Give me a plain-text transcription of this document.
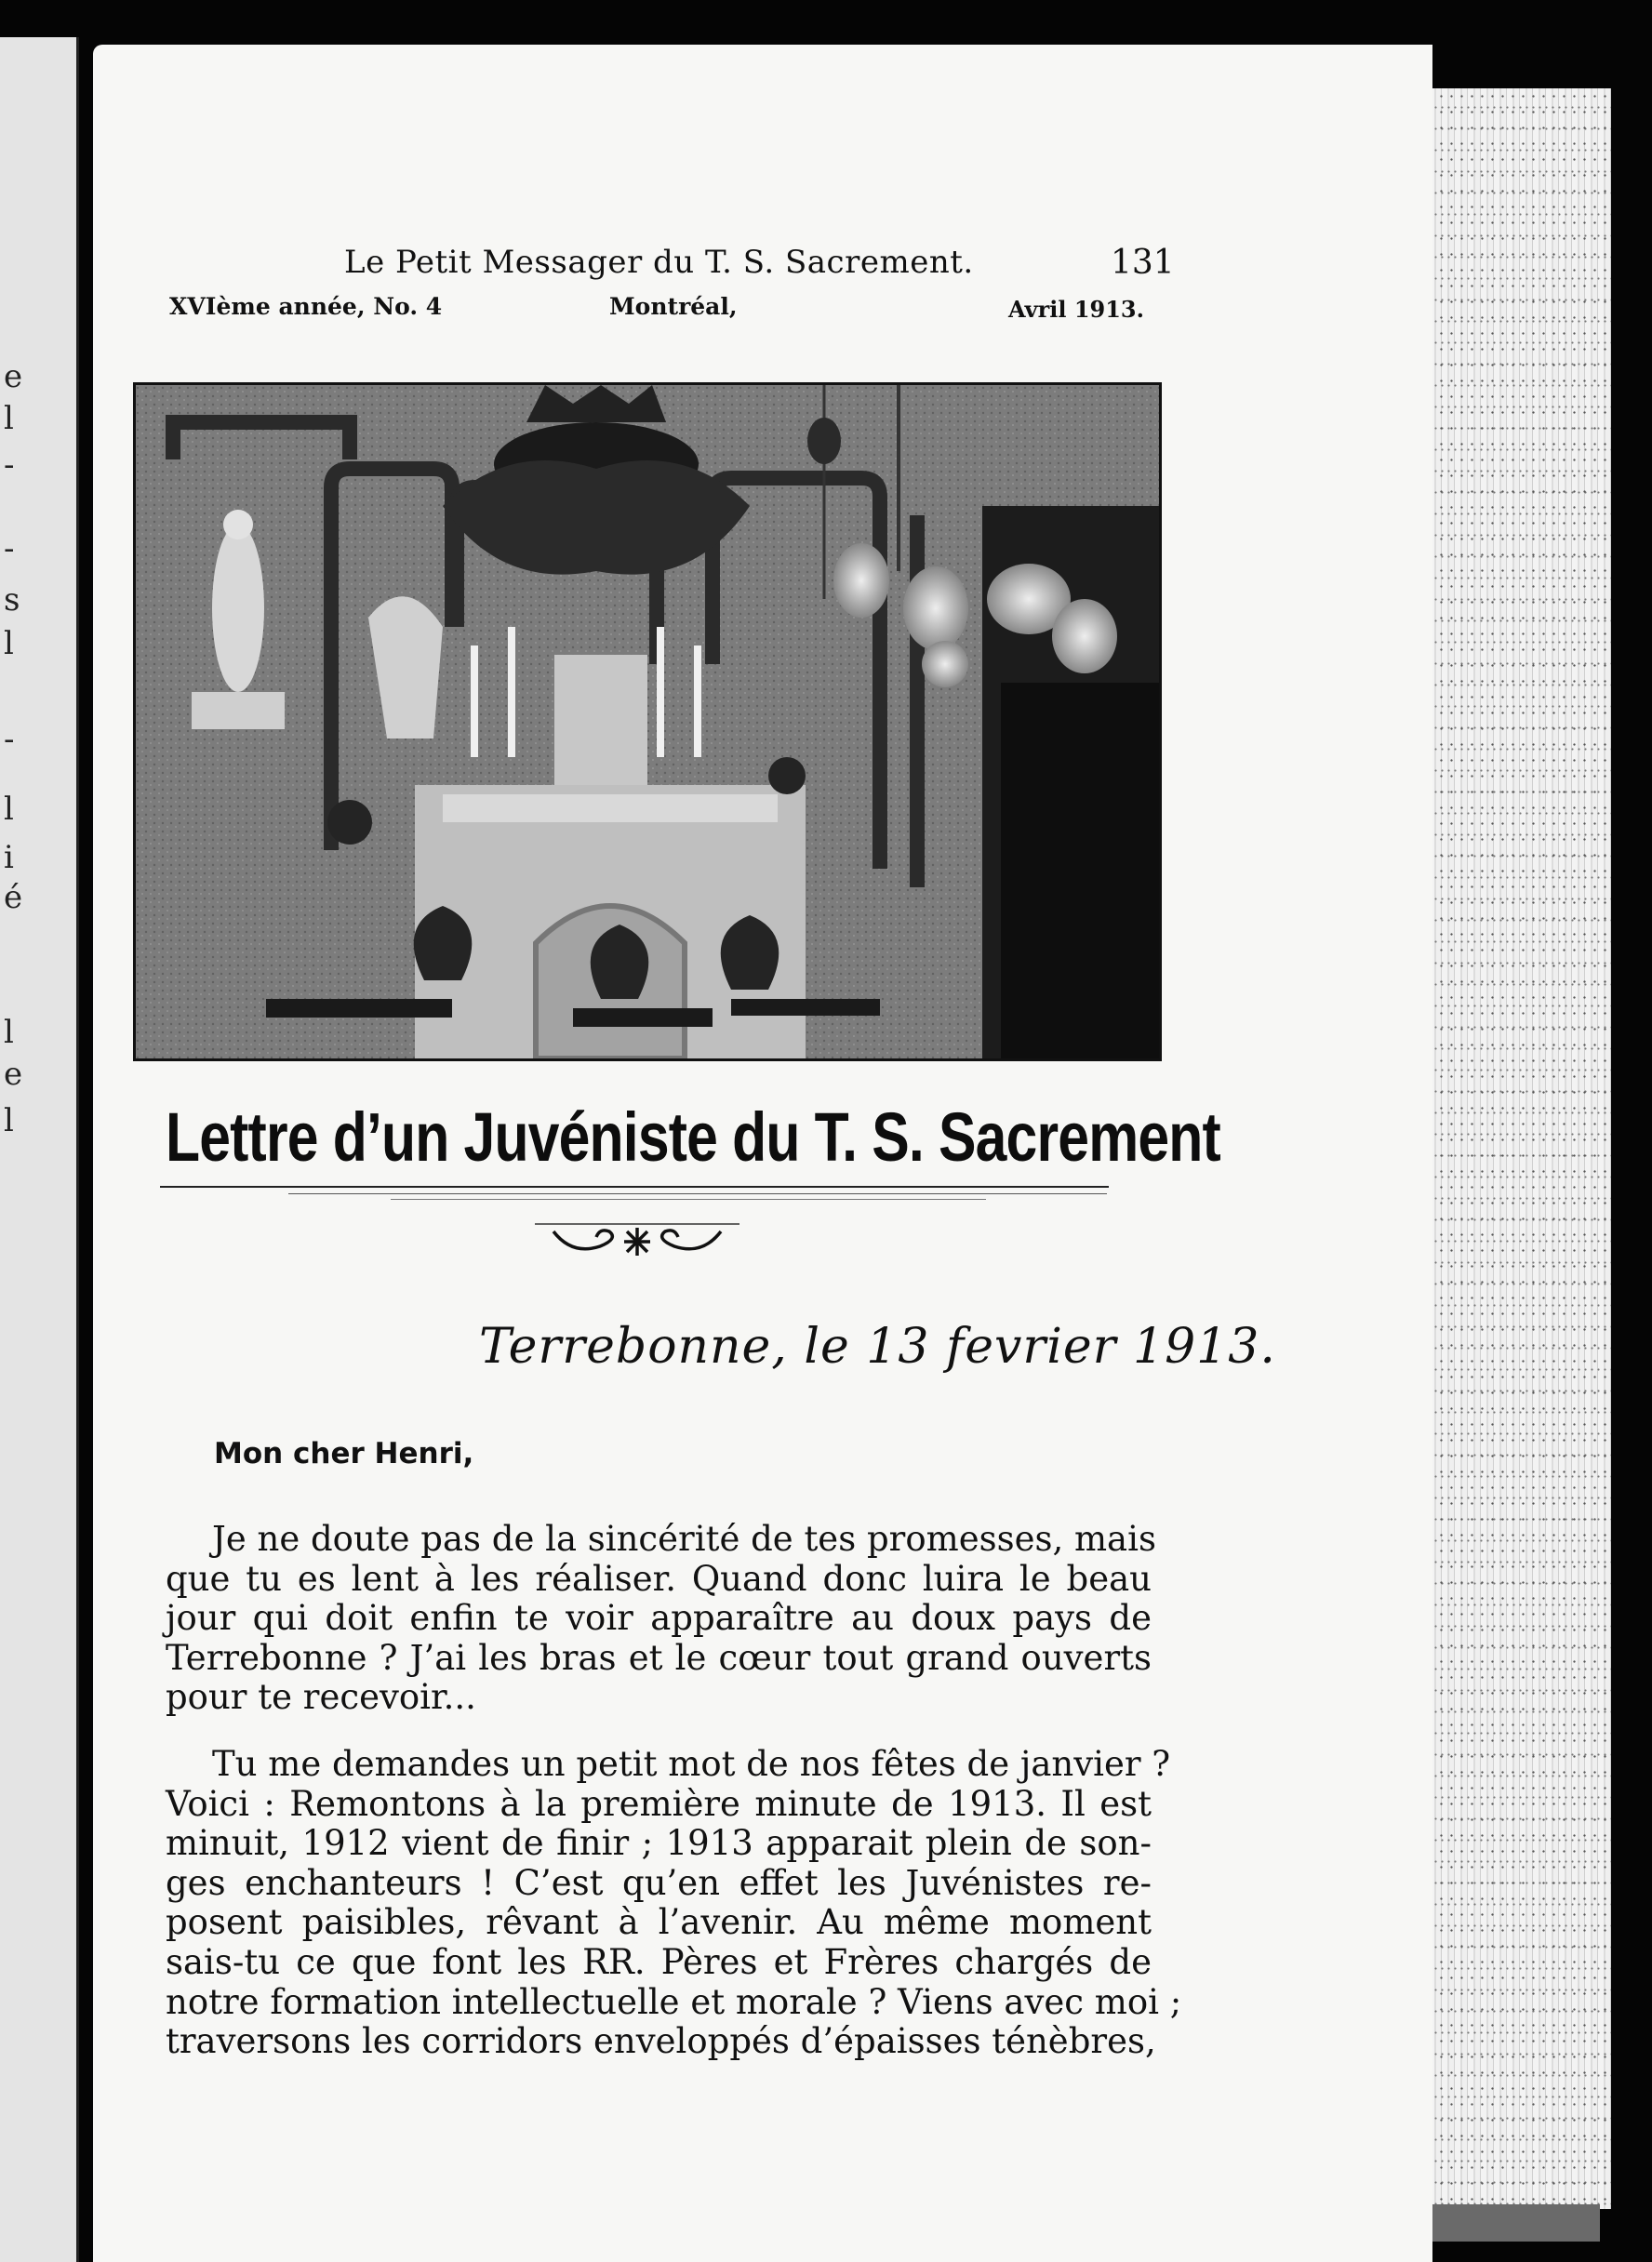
e
l
-
-
s
l
-
l
i
é
l
e
l
Le Petit Messager du T. S. Sacrement.	131
XVIème année, No. 4	Montréal,	Avril 1913.
Lettre d’un Juvéniste du T. S. Sacrement
Terrebonne, le 13 fevrier 1913.
Mon cher Henri,
Je ne doute pas de la sincérité de tes promesses, mais
que tu es lent à les réaliser. Quand donc luira le beau
jour qui doit enfin te voir apparaître au doux pays de
Terrebonne ? J’ai les bras et le cœur tout grand ouverts
pour te recevoir...
Tu me demandes un petit mot de nos fêtes de janvier ?
Voici : Remontons à la première minute de 1913. Il est
minuit, 1912 vient de finir ; 1913 apparait plein de son-
ges enchanteurs ! C’est qu’en effet les Juvénistes re-
posent paisibles, rêvant à l’avenir. Au même moment
sais-tu ce que font les RR. Pères et Frères chargés de
notre formation intellectuelle et morale ? Viens avec moi ;
traversons les corridors enveloppés d’épaisses ténèbres,
